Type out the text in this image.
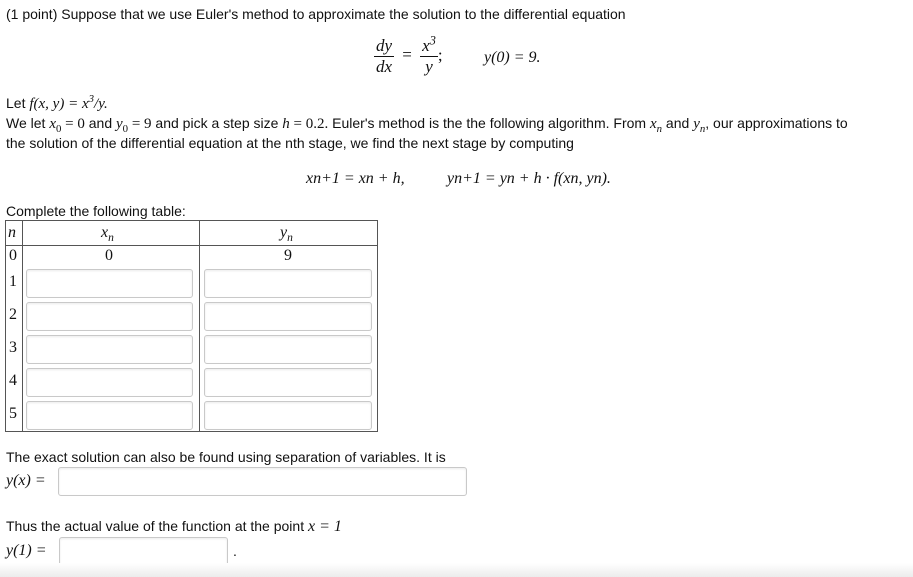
(1 point) Suppose that we use Euler's method to approximate the solution to the differential equation
$\frac{dy}{dx} = \frac{x^3}{y}$ ;	y(0) = 9.
Let f(x, $y) = x^3/y$.
We let $x_0 = 0$ and $y_0 = 9$ and pick a step size h = 0.2. Euler's method is the the following algorithm. From $x_n$ and $y_n$, our approximations to
the solution of the differential equation at the nth stage, we find the next stage by computing
xn+1 = xn + h,	yn+1 = yn + h · f(xn, yn).
Complete the following table:
n	$x_n$	$y_n$
0	0	9
1
2
3
4
5
The exact solution can also be found using separation of variables. It is
y(x) =
Thus the actual value of the function at the point x = 1
y(1) =	.
